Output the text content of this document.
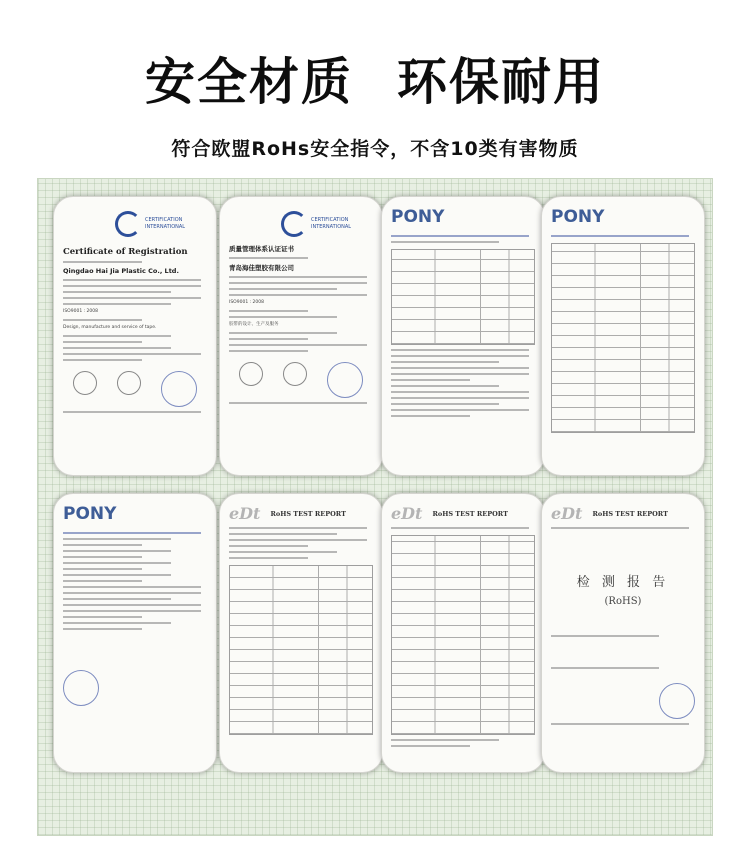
安全材质 环保耐用
符合欧盟RoHs安全指令，不含10类有害物质
CERTIFICATION
INTERNATIONAL
Certificate of Registration
Qingdao Hai Jia Plastic Co., Ltd.
ISO9001 : 2008
Design, manufacture and service of tape.
CERTIFICATION
INTERNATIONAL
质量管理体系认证证书
青岛海佳塑胶有限公司
ISO9001 : 2008
胶带的设计、生产及服务
PONY
	PONY

PONY
	eDt RoHS TEST REPORT	eDt RoHS TEST REPORT	eDt RoHS TEST REPORT
检 测 报 告
(RoHS)
